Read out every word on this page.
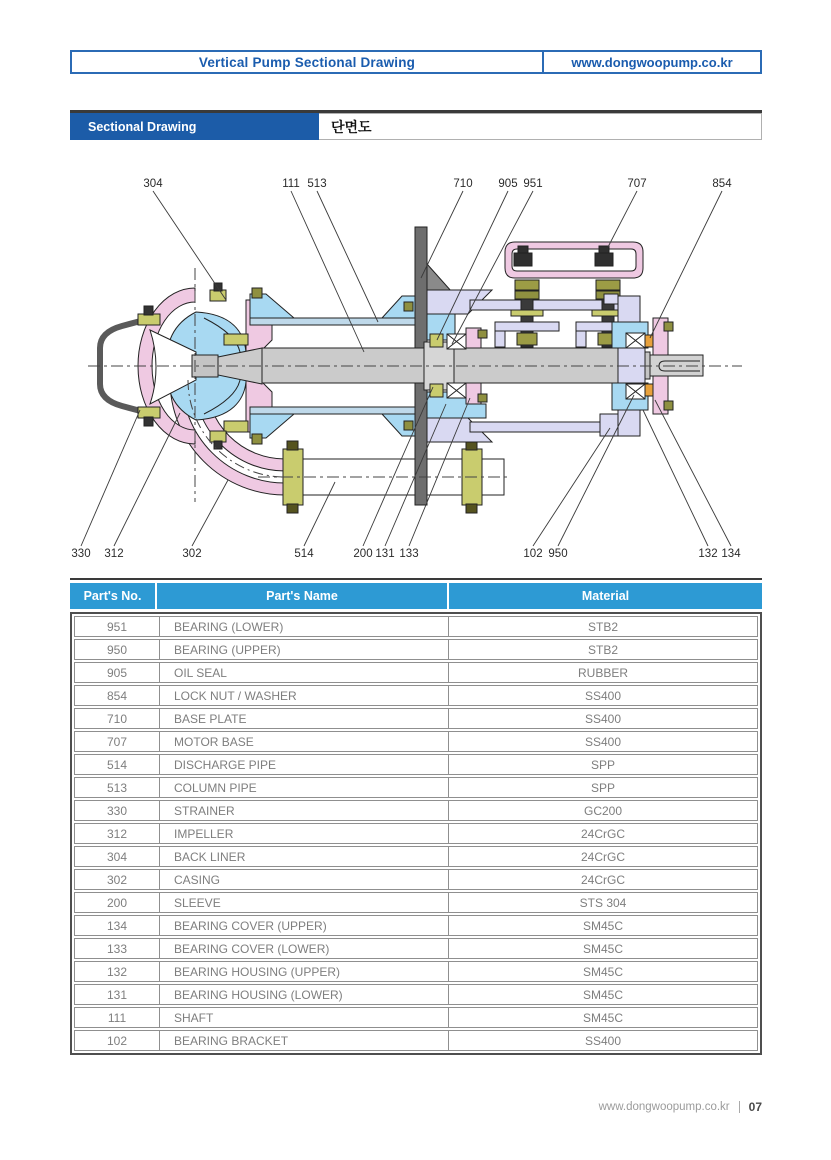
Vertical Pump Sectional Drawing	www.dongwoopump.co.kr
Sectional Drawing	단면도
304	111 513	710 905 951	707	854
330 312	302	514	200 131 133	102 950	132 134
Part's No.	Part's Name	Material
951	BEARING (LOWER)	STB2
950	BEARING (UPPER)	STB2
905	OIL SEAL	RUBBER
854	LOCK NUT / WASHER	SS400
710	BASE PLATE	SS400
707	MOTOR BASE	SS400
514	DISCHARGE PIPE	SPP
513	COLUMN PIPE	SPP
330	STRAINER	GC200
312	IMPELLER	24CrGC
304	BACK LINER	24CrGC
302	CASING	24CrGC
200	SLEEVE	STS 304
134	BEARING COVER (UPPER)	SM45C
133	BEARING COVER (LOWER)	SM45C
132	BEARING HOUSING (UPPER)	SM45C
131	BEARING HOUSING (LOWER)	SM45C
111	SHAFT	SM45C
102	BEARING BRACKET	SS400
www.dongwoopump.co.kr 07
